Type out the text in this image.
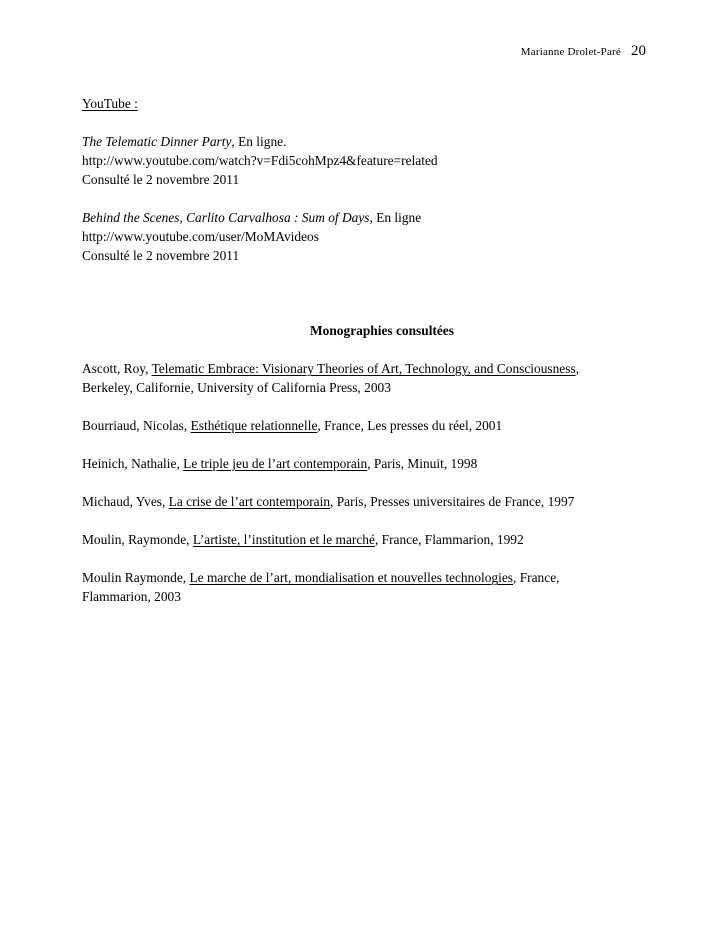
Marianne Drolet-Paré 20
YouTube :
The Telematic Dinner Party, En ligne.
http://www.youtube.com/watch?v=Fdi5cohMpz4&feature=related
Consulté le 2 novembre 2011
Behind the Scenes, Carlito Carvalhosa : Sum of Days, En ligne
http://www.youtube.com/user/MoMAvideos
Consulté le 2 novembre 2011
Monographies consultées
Ascott, Roy, Telematic Embrace: Visionary Theories of Art, Technology, and Consciousness,
Berkeley, Californie, University of California Press, 2003
Bourriaud, Nicolas, Esthétique relationnelle, France, Les presses du réel, 2001
Heinich, Nathalie, Le triple jeu de l’art contemporain, Paris, Minuit, 1998
Michaud, Yves, La crise de l’art contemporain, Paris, Presses universitaires de France, 1997
Moulin, Raymonde, L’artiste, l’institution et le marché, France, Flammarion, 1992
Moulin Raymonde, Le marche de l’art, mondialisation et nouvelles technologies, France,
Flammarion, 2003
